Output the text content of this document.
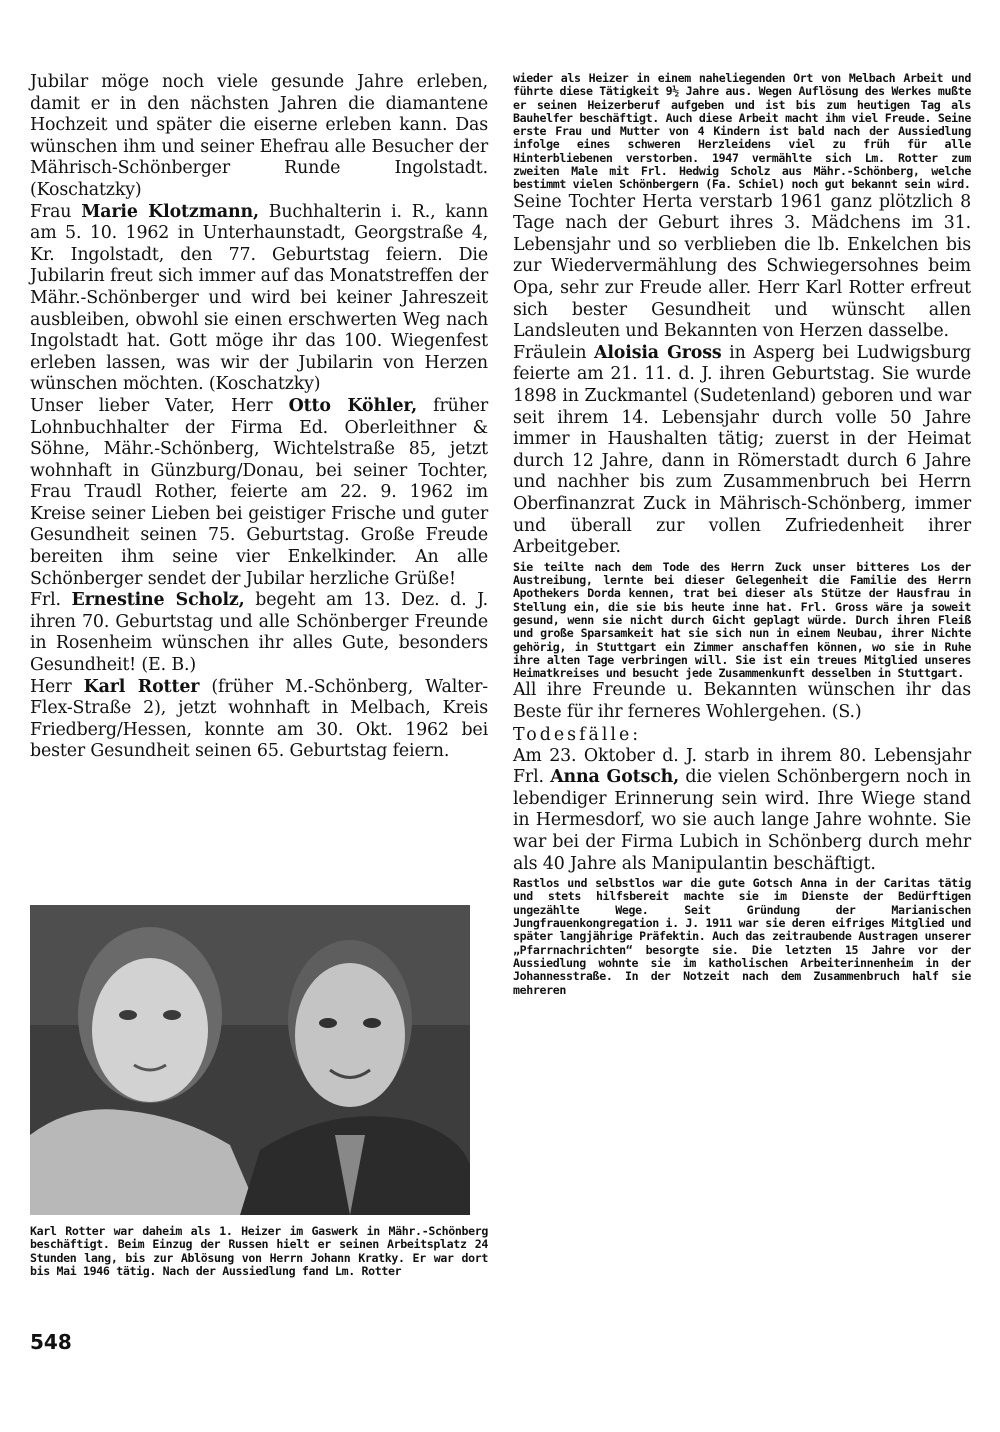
Jubilar möge noch viele gesunde Jahre erleben, damit er in den nächsten Jahren die diamantene Hochzeit und später die eiserne erleben kann. Das wünschen ihm und seiner Ehefrau alle Besucher der Mährisch-Schönberger Runde Ingolstadt. (Koschatzky)

Frau Marie Klotzmann, Buchhalterin i. R., kann am 5. 10. 1962 in Unterhaunstadt, Georgstraße 4, Kr. Ingolstadt, den 77. Geburtstag feiern. Die Jubilarin freut sich immer auf das Monatstreffen der Mähr.-Schönberger und wird bei keiner Jahreszeit ausbleiben, obwohl sie einen erschwerten Weg nach Ingolstadt hat. Gott möge ihr das 100. Wiegenfest erleben lassen, was wir der Jubilarin von Herzen wünschen möchten. (Koschatzky)

Unser lieber Vater, Herr Otto Köhler, früher Lohnbuchhalter der Firma Ed. Oberleithner & Söhne, Mähr.-Schönberg, Wichtelstraße 85, jetzt wohnhaft in Günzburg/Donau, bei seiner Tochter, Frau Traudl Rother, feierte am 22. 9. 1962 im Kreise seiner Lieben bei geistiger Frische und guter Gesundheit seinen 75. Geburtstag. Große Freude bereiten ihm seine vier Enkelkinder. An alle Schönberger sendet der Jubilar herzliche Grüße!

Frl. Ernestine Scholz, begeht am 13. Dez. d. J. ihren 70. Geburtstag und alle Schönberger Freunde in Rosenheim wünschen ihr alles Gute, besonders Gesundheit! (E. B.)

Herr Karl Rotter (früher M.-Schönberg, Walter-Flex-Straße 2), jetzt wohnhaft in Melbach, Kreis Friedberg/Hessen, konnte am 30. Okt. 1962 bei bester Gesundheit seinen 65. Geburtstag feiern.

Karl Rotter war daheim als 1. Heizer im Gaswerk in Mähr.-Schönberg beschäftigt. Beim Einzug der Russen hielt er seinen Arbeitsplatz 24 Stunden lang, bis zur Ablösung von Herrn Johann Kratky. Er war dort bis Mai 1946 tätig. Nach der Aussiedlung fand Lm. Rotter

548

wieder als Heizer in einem naheliegenden Ort von Melbach Arbeit und führte diese Tätigkeit 9½ Jahre aus. Wegen Auflösung des Werkes mußte er seinen Heizerberuf aufgeben und ist bis zum heutigen Tag als Bauhelfer beschäftigt. Auch diese Arbeit macht ihm viel Freude. Seine erste Frau und Mutter von 4 Kindern ist bald nach der Aussiedlung infolge eines schweren Herzleidens viel zu früh für alle Hinterbliebenen verstorben. 1947 vermählte sich Lm. Rotter zum zweiten Male mit Frl. Hedwig Scholz aus Mähr.-Schönberg, welche bestimmt vielen Schönbergern (Fa. Schiel) noch gut bekannt sein wird.

Seine Tochter Herta verstarb 1961 ganz plötzlich 8 Tage nach der Geburt ihres 3. Mädchens im 31. Lebensjahr und so verblieben die lb. Enkelchen bis zur Wiedervermählung des Schwiegersohnes beim Opa, sehr zur Freude aller. Herr Karl Rotter erfreut sich bester Gesundheit und wünscht allen Landsleuten und Bekannten von Herzen dasselbe.

Fräulein Aloisia Gross in Asperg bei Ludwigsburg feierte am 21. 11. d. J. ihren Geburtstag. Sie wurde 1898 in Zuckmantel (Sudetenland) geboren und war seit ihrem 14. Lebensjahr durch volle 50 Jahre immer in Haushalten tätig; zuerst in der Heimat durch 12 Jahre, dann in Römerstadt durch 6 Jahre und nachher bis zum Zusammenbruch bei Herrn Oberfinanzrat Zuck in Mährisch-Schönberg, immer und überall zur vollen Zufriedenheit ihrer Arbeitgeber.

Sie teilte nach dem Tode des Herrn Zuck unser bitteres Los der Austreibung, lernte bei dieser Gelegenheit die Familie des Herrn Apothekers Dorda kennen, trat bei dieser als Stütze der Hausfrau in Stellung ein, die sie bis heute inne hat. Frl. Gross wäre ja soweit gesund, wenn sie nicht durch Gicht geplagt würde. Durch ihren Fleiß und große Sparsamkeit hat sie sich nun in einem Neubau, ihrer Nichte gehörig, in Stuttgart ein Zimmer anschaffen können, wo sie in Ruhe ihre alten Tage verbringen will. Sie ist ein treues Mitglied unseres Heimatkreises und besucht jede Zusammenkunft desselben in Stuttgart.

All ihre Freunde u. Bekannten wünschen ihr das Beste für ihr ferneres Wohlergehen. (S.)

Todesfälle:

Am 23. Oktober d. J. starb in ihrem 80. Lebensjahr Frl. Anna Gotsch, die vielen Schönbergern noch in lebendiger Erinnerung sein wird. Ihre Wiege stand in Hermesdorf, wo sie auch lange Jahre wohnte. Sie war bei der Firma Lubich in Schönberg durch mehr als 40 Jahre als Manipulantin beschäftigt.

Rastlos und selbstlos war die gute Gotsch Anna in der Caritas tätig und stets hilfsbereit machte sie im Dienste der Bedürftigen ungezählte Wege. Seit Gründung der Marianischen Jungfrauenkongregation i. J. 1911 war sie deren eifriges Mitglied und später langjährige Präfektin. Auch das zeitraubende Austragen unserer „Pfarrnachrichten“ besorgte sie. Die letzten 15 Jahre vor der Aussiedlung wohnte sie im katholischen Arbeiterinnenheim in der Johannesstraße. In der Notzeit nach dem Zusammenbruch half sie mehreren
